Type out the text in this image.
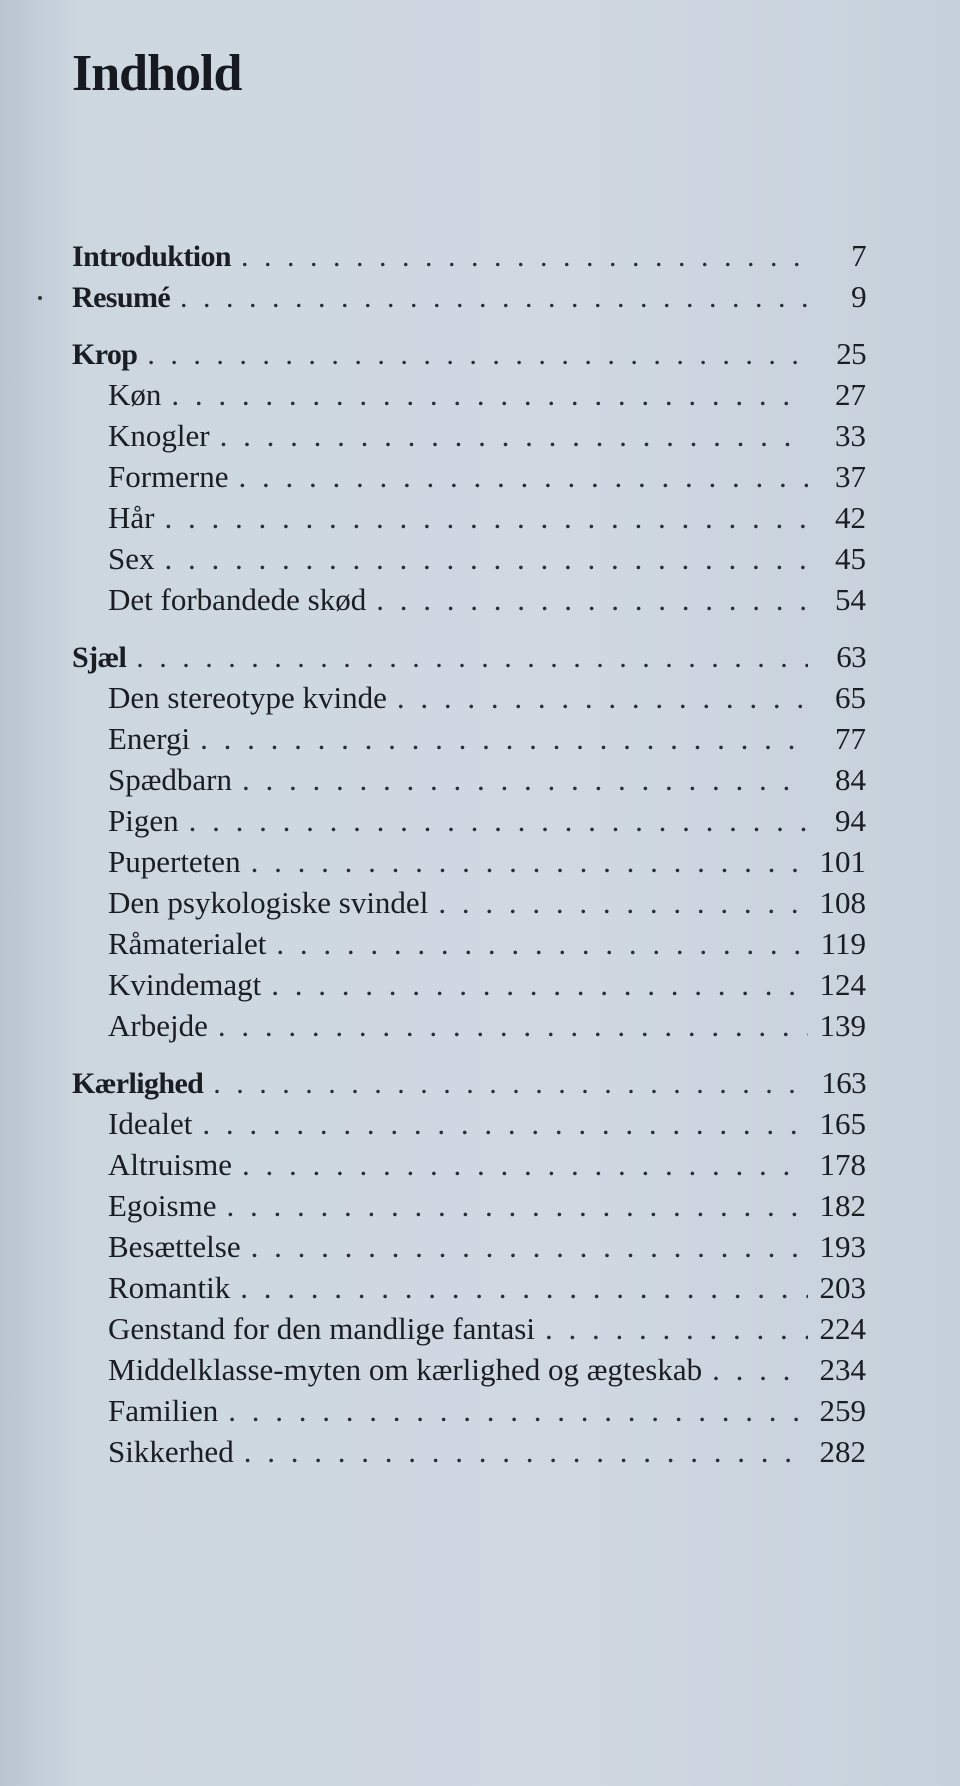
Indhold
Introduktion . . .	7
Resumé . . .	9
Krop . . .	25
Køn . . .	27
Knogler . . .	33
Formerne . . .	37
Hår . . .	42
Sex . . .	45
Det forbandede skød . . .	54
Sjæl . . .	63
Den stereotype kvinde . . .	65
Energi . . .	77
Spædbarn . . .	84
Pigen . . .	94
Puperteten . . .	101
Den psykologiske svindel . . .	108
Råmaterialet . . .	119
Kvindemagt . . .	124
Arbejde . . .	139
Kærlighed . . .	163
Idealet . . .	165
Altruisme . . .	178
Egoisme . . .	182
Besættelse . . .	193
Romantik . . .	203
Genstand for den mandlige fantasi . . .	224
Middelklasse-myten om kærlighed og ægteskab . . .	234
Familien . . .	259
Sikkerhed . . .	282
